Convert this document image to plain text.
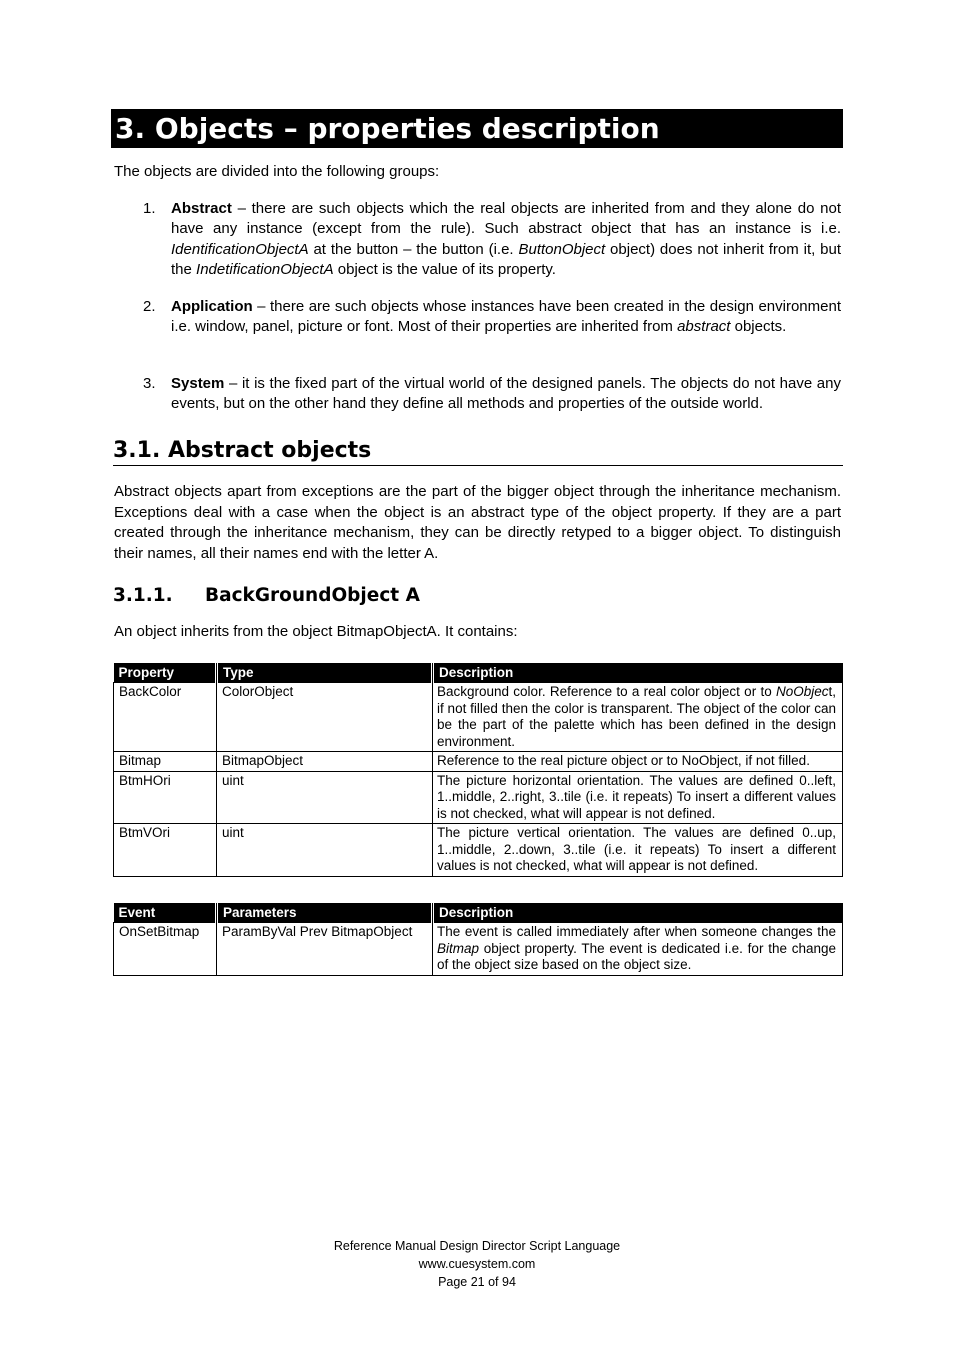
3. Objects – properties description

The objects are divided into the following groups:

1. Abstract – there are such objects which the real objects are inherited from and they alone do not have any instance (except from the rule). Such abstract object that has an instance is i.e. IdentificationObjectA at the button – the button (i.e. ButtonObject object) does not inherit from it, but the IndetificationObjectA object is the value of its property.
2. Application – there are such objects whose instances have been created in the design environment i.e. window, panel, picture or font. Most of their properties are inherited from abstract objects.
3. System – it is the fixed part of the virtual world of the designed panels. The objects do not have any events, but on the other hand they define all methods and properties of the outside world.
3.1. Abstract objects

Abstract objects apart from exceptions are the part of the bigger object through the inheritance mechanism. Exceptions deal with a case when the object is an abstract type of the object property. If they are a part created through the inheritance mechanism, they can be directly retyped to a bigger object. To distinguish their names, all their names end with the letter A.

3.1.1. BackGroundObject A

An object inherits from the object BitmapObjectA. It contains:

Property	Type	Description
BackColor	ColorObject	Background color. Reference to a real color object or to NoObject, if not filled then the color is transparent. The object of the color can be the part of the palette which has been defined in the design environment.
Bitmap	BitmapObject	Reference to the real picture object or to NoObject, if not filled.
BtmHOri	uint	The picture horizontal orientation. The values are defined 0..left, 1..middle, 2..right, 3..tile (i.e. it repeats) To insert a different values is not checked, what will appear is not defined.
BtmVOri	uint	The picture vertical orientation. The values are defined 0..up, 1..middle, 2..down, 3..tile (i.e. it repeats) To insert a different values is not checked, what will appear is not defined.
Event	Parameters	Description
OnSetBitmap	ParamByVal Prev BitmapObject	The event is called immediately after when someone changes the Bitmap object property. The event is dedicated i.e. for the change of the object size based on the object size.
Reference Manual Design Director Script Language
www.cuesystem.com
Page 21 of 94
